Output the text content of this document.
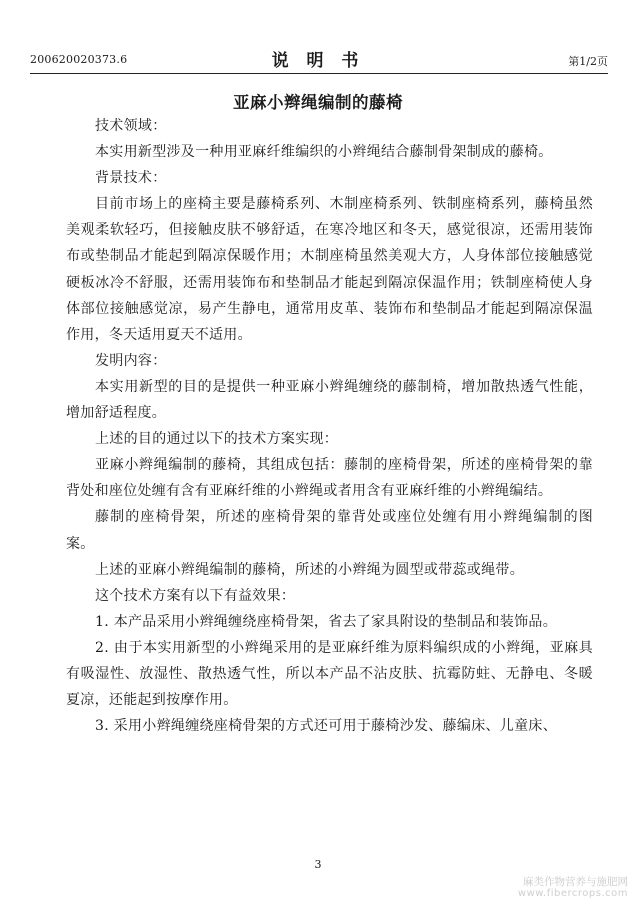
200620020373.6	说 明 书	第1/2页
亚麻小辫绳编制的藤椅

技术领域：

本实用新型涉及一种用亚麻纤维编织的小辫绳结合藤制骨架制成的藤椅。

背景技术：

目前市场上的座椅主要是藤椅系列、木制座椅系列、铁制座椅系列，藤椅虽然美观柔软轻巧，但接触皮肤不够舒适，在寒冷地区和冬天，感觉很凉，还需用装饰布或垫制品才能起到隔凉保暖作用；木制座椅虽然美观大方，人身体部位接触感觉硬板冰冷不舒服，还需用装饰布和垫制品才能起到隔凉保温作用；铁制座椅使人身体部位接触感觉凉，易产生静电，通常用皮革、装饰布和垫制品才能起到隔凉保温作用，冬天适用夏天不适用。

发明内容：

本实用新型的目的是提供一种亚麻小辫绳缠绕的藤制椅，增加散热透气性能，增加舒适程度。

上述的目的通过以下的技术方案实现：

亚麻小辫绳编制的藤椅，其组成包括：藤制的座椅骨架，所述的座椅骨架的靠背处和座位处缠有含有亚麻纤维的小辫绳或者用含有亚麻纤维的小辫绳编结。

藤制的座椅骨架，所述的座椅骨架的靠背处或座位处缠有用小辫绳编制的图案。

上述的亚麻小辫绳编制的藤椅，所述的小辫绳为圆型或带蕊或绳带。

这个技术方案有以下有益效果：

1. 本产品采用小辫绳缠绕座椅骨架，省去了家具附设的垫制品和装饰品。

2. 由于本实用新型的小辫绳采用的是亚麻纤维为原料编织成的小辫绳，亚麻具有吸湿性、放湿性、散热透气性，所以本产品不沾皮肤、抗霉防蛀、无静电、冬暖夏凉，还能起到按摩作用。

3. 采用小辫绳缠绕座椅骨架的方式还可用于藤椅沙发、藤编床、儿童床、

3
麻类作物营养与施肥网
www.fibercrops.com
